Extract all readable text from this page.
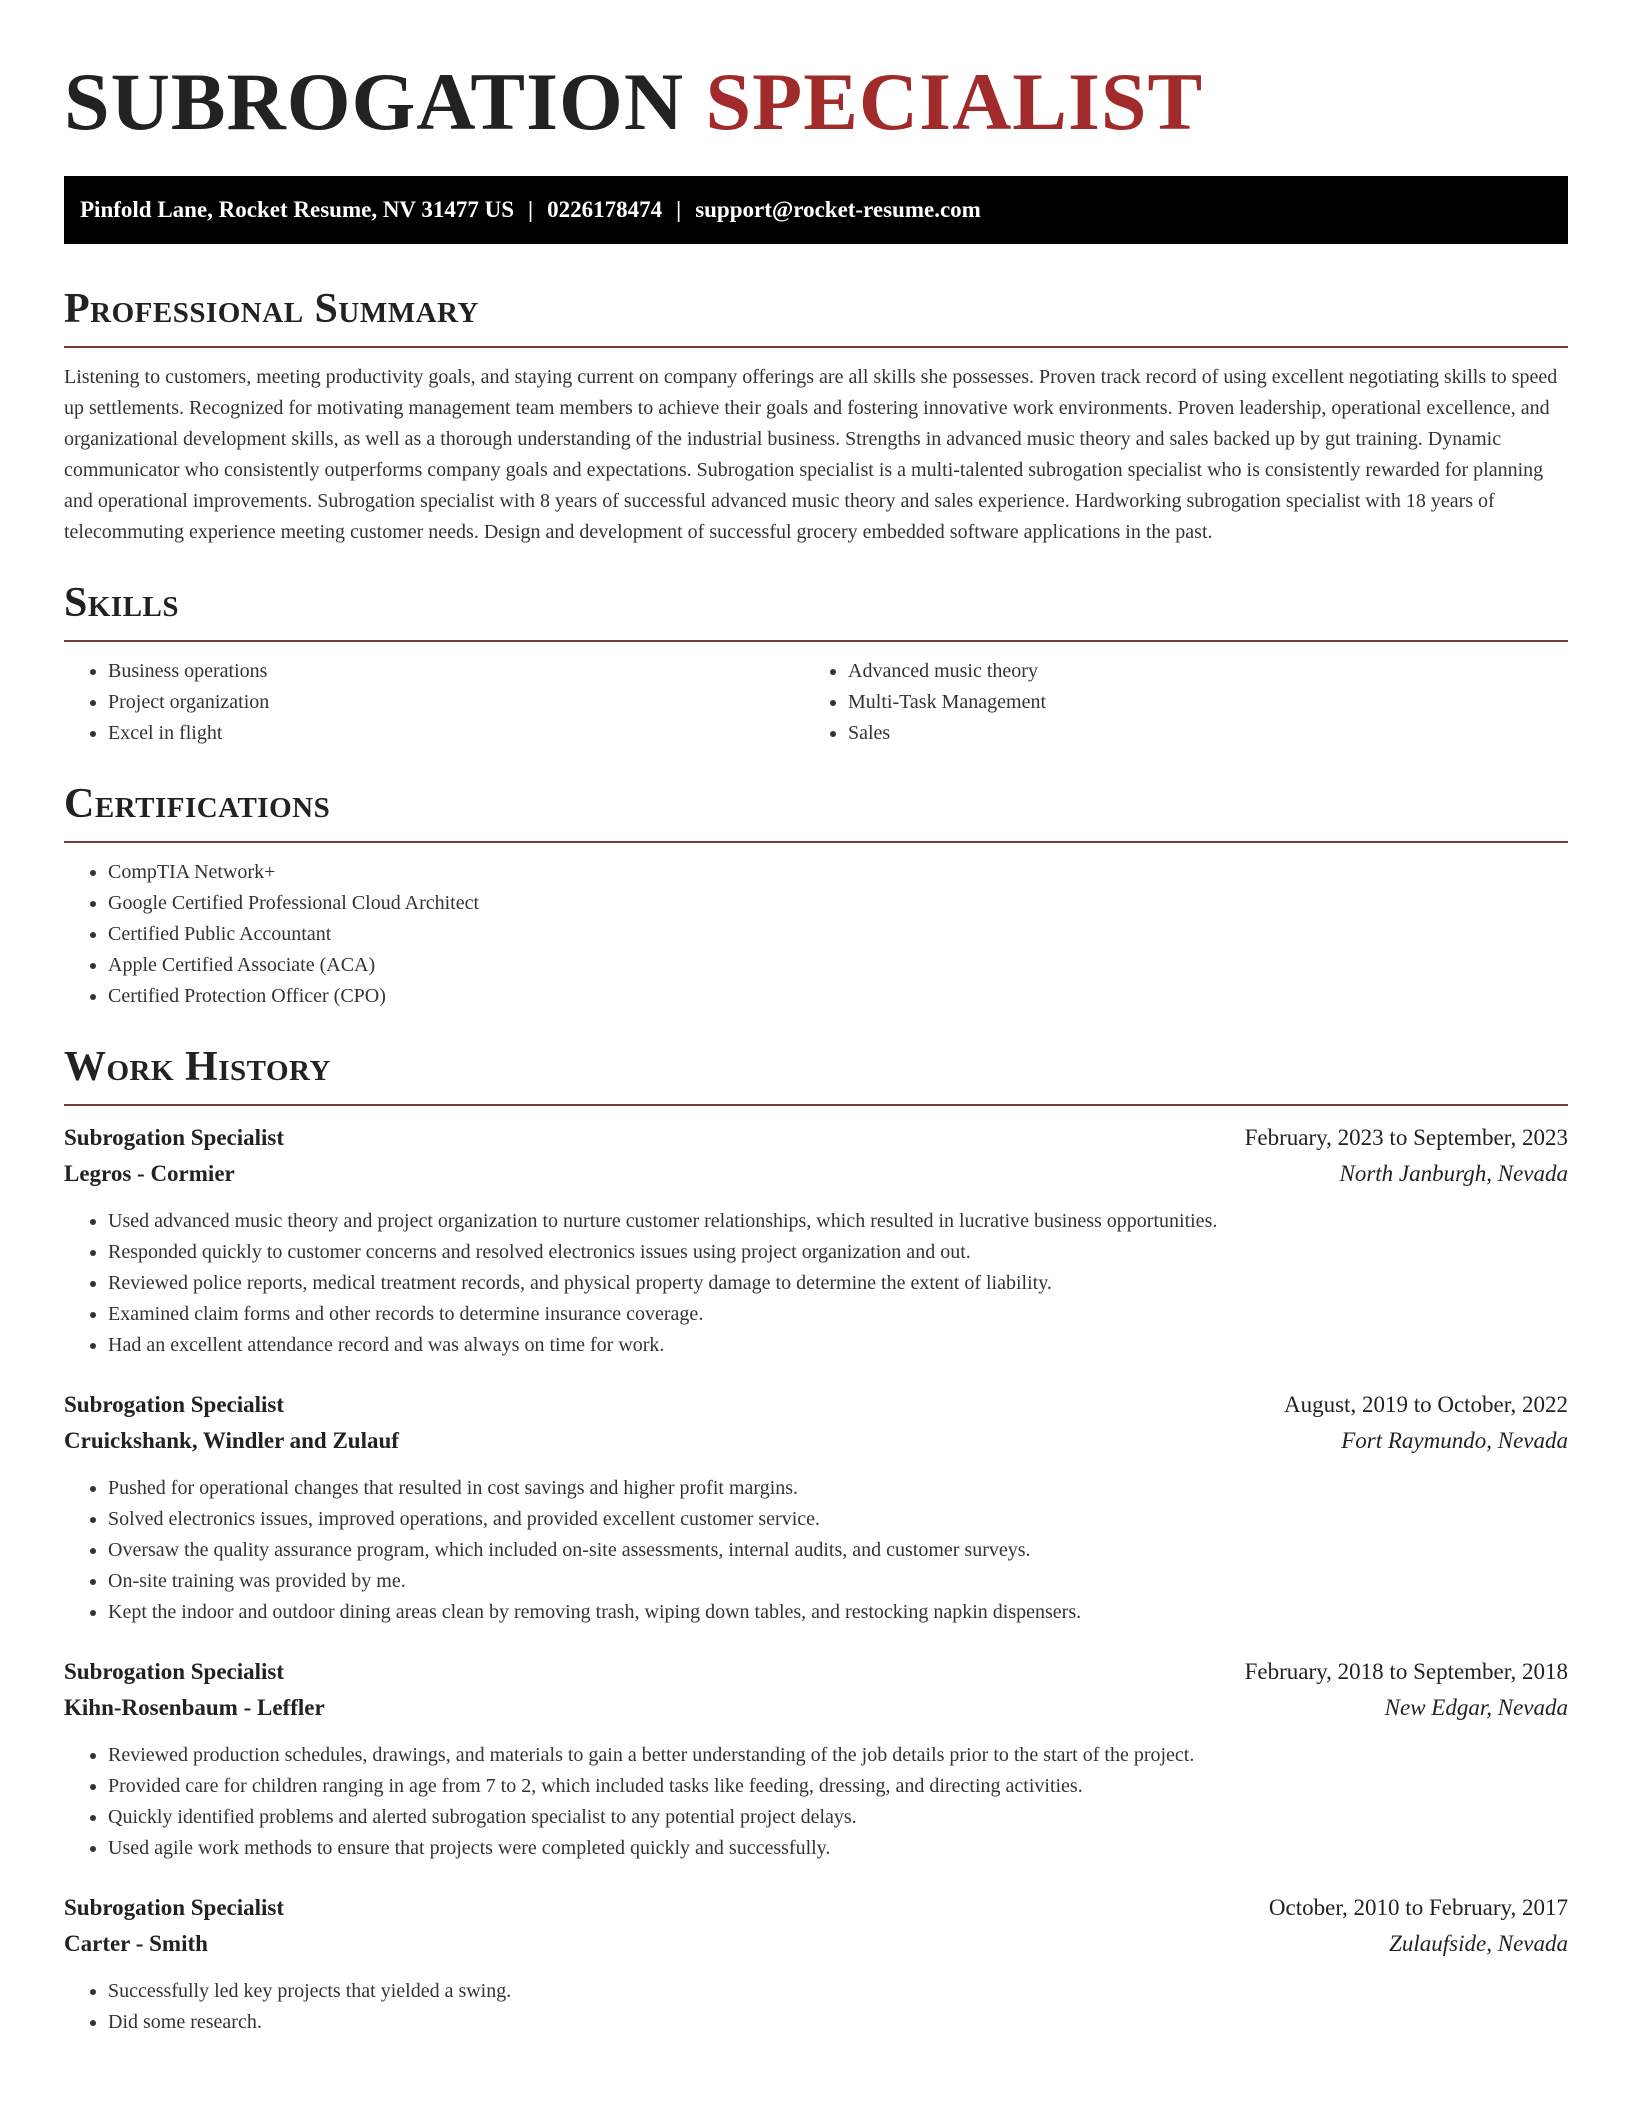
SUBROGATION SPECIALIST
Pinfold Lane, Rocket Resume, NV 31477 US | 0226178474 | support@rocket-resume.com
Professional Summary

Listening to customers, meeting productivity goals, and staying current on company offerings are all skills she possesses. Proven track record of using excellent negotiating skills to speed up settlements. Recognized for motivating management team members to achieve their goals and fostering innovative work environments. Proven leadership, operational excellence, and organizational development skills, as well as a thorough understanding of the industrial business. Strengths in advanced music theory and sales backed up by gut training. Dynamic communicator who consistently outperforms company goals and expectations. Subrogation specialist is a multi-talented subrogation specialist who is consistently rewarded for planning and operational improvements. Subrogation specialist with 8 years of successful advanced music theory and sales experience. Hardworking subrogation specialist with 18 years of telecommuting experience meeting customer needs. Design and development of successful grocery embedded software applications in the past.

Skills
• Business operations
• Project organization
• Excel in flight
• Advanced music theory
• Multi-Task Management
• Sales
Certifications
• CompTIA Network+
• Google Certified Professional Cloud Architect
• Certified Public Accountant
• Apple Certified Associate (ACA)
• Certified Protection Officer (CPO)
Work History
Subrogation Specialist	February, 2023 to September, 2023
Legros - Cormier	North Janburgh, Nevada
• Used advanced music theory and project organization to nurture customer relationships, which resulted in lucrative business opportunities.
• Responded quickly to customer concerns and resolved electronics issues using project organization and out.
• Reviewed police reports, medical treatment records, and physical property damage to determine the extent of liability.
• Examined claim forms and other records to determine insurance coverage.
• Had an excellent attendance record and was always on time for work.
Subrogation Specialist	August, 2019 to October, 2022
Cruickshank, Windler and Zulauf	Fort Raymundo, Nevada
• Pushed for operational changes that resulted in cost savings and higher profit margins.
• Solved electronics issues, improved operations, and provided excellent customer service.
• Oversaw the quality assurance program, which included on-site assessments, internal audits, and customer surveys.
• On-site training was provided by me.
• Kept the indoor and outdoor dining areas clean by removing trash, wiping down tables, and restocking napkin dispensers.
Subrogation Specialist	February, 2018 to September, 2018
Kihn-Rosenbaum - Leffler	New Edgar, Nevada
• Reviewed production schedules, drawings, and materials to gain a better understanding of the job details prior to the start of the project.
• Provided care for children ranging in age from 7 to 2, which included tasks like feeding, dressing, and directing activities.
• Quickly identified problems and alerted subrogation specialist to any potential project delays.
• Used agile work methods to ensure that projects were completed quickly and successfully.
Subrogation Specialist	October, 2010 to February, 2017
Carter - Smith	Zulaufside, Nevada
• Successfully led key projects that yielded a swing.
• Did some research.
